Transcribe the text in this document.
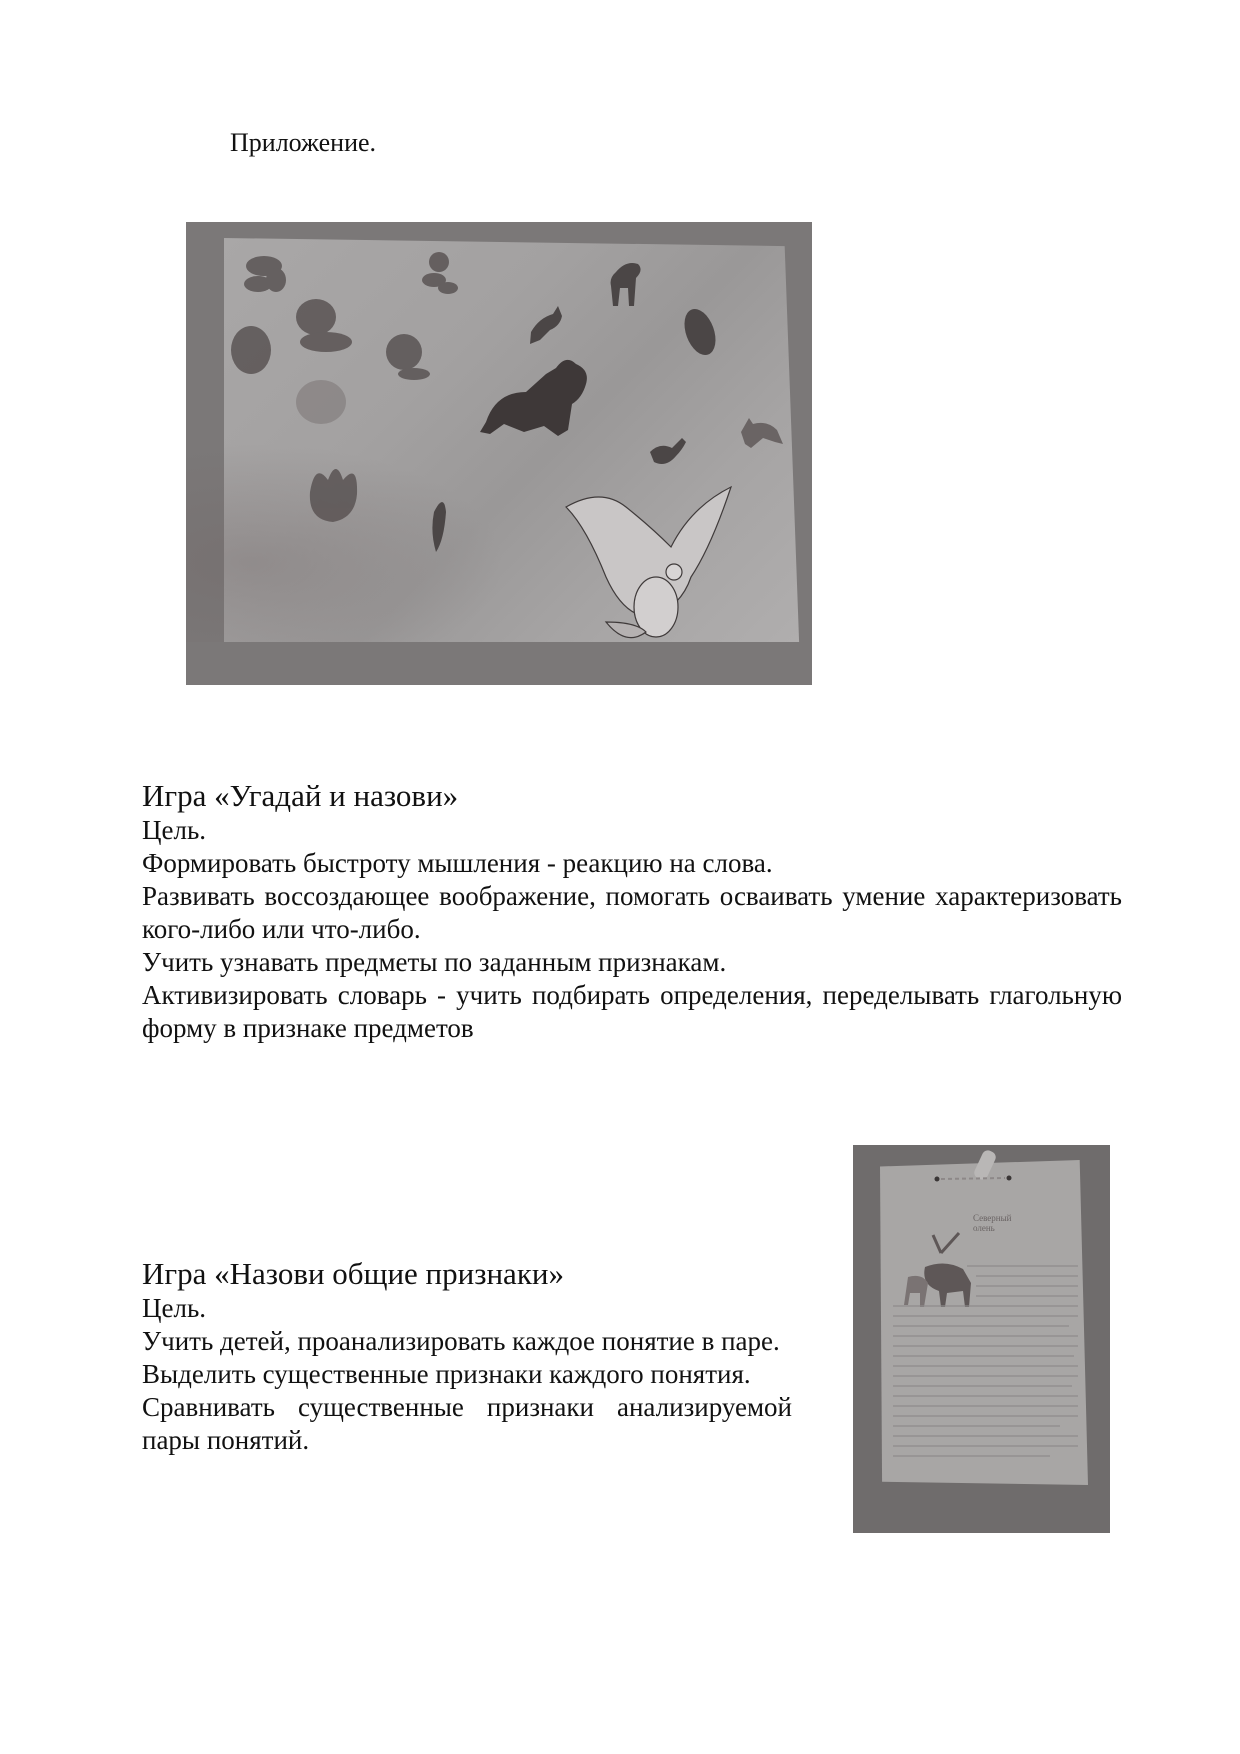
Приложение.
Игра «Угадай и назови»

Цель.

Формировать быстроту мышления - реакцию на слова.

Развивать воссоздающее воображение, помогать осваивать умение характеризовать кого-либо или что-либо.

Учить узнавать предметы по заданным признакам.

Активизировать словарь - учить подбирать определения, переделывать глагольную форму в признаке предметов

Северный олень
Игра «Назови общие признаки»

Цель.

Учить детей, проанализировать каждое понятие в паре.

Выделить существенные признаки каждого понятия.

Сравнивать существенные признаки анализируемой пары понятий.
